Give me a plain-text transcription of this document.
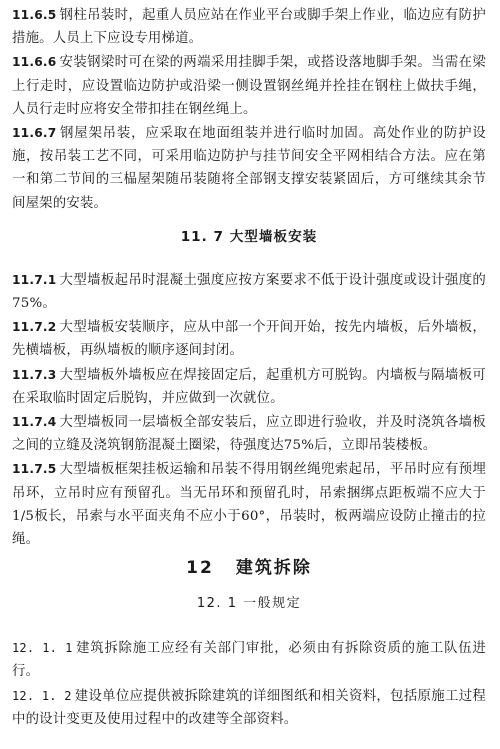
11.6.5 钢柱吊装时，起重人员应站在作业平台或脚手架上作业，临边应有防护措施。人员上下应设专用梯道。

11.6.6 安装钢梁时可在梁的两端采用挂脚手架，或搭设落地脚手架。当需在梁上行走时，应设置临边防护或沿梁一侧设置钢丝绳并拴挂在钢柱上做扶手绳，人员行走时应将安全带扣挂在钢丝绳上。

11.6.7 钢屋架吊装，应采取在地面组装并进行临时加固。高处作业的防护设施，按吊装工艺不同，可采用临边防护与挂节间安全平网相结合方法。应在第一和第二节间的三榀屋架随吊装随将全部钢支撑安装紧固后，方可继续其余节间屋架的安装。

11. 7 大型墙板安装

11.7.1 大型墙板起吊时混凝土强度应按方案要求不低于设计强度或设计强度的75%。

11.7.2 大型墙板安装顺序，应从中部一个开间开始，按先内墙板，后外墙板，先横墙板，再纵墙板的顺序逐间封闭。

11.7.3 大型墙板外墙板应在焊接固定后，起重机方可脱钩。内墙板与隔墙板可在采取临时固定后脱钩，并应做到一次就位。

11.7.4 大型墙板同一层墙板全部安装后，应立即进行验收，并及时浇筑各墙板之间的立缝及浇筑钢筋混凝土圈梁，待强度达75%后，立即吊装楼板。

11.7.5 大型墙板框架挂板运输和吊装不得用钢丝绳兜索起吊，平吊时应有预埋吊环，立吊时应有预留孔。当无吊环和预留孔时，吊索捆绑点距板端不应大于1/5板长，吊索与水平面夹角不应小于60°，吊装时，板两端应设防止撞击的拉绳。

12 建筑拆除
12. 1 一般规定

12. 1. 1 建筑拆除施工应经有关部门审批，必须由有拆除资质的施工队伍进行。

12. 1. 2 建设单位应提供被拆除建筑的详细图纸和相关资料，包括原施工过程中的设计变更及使用过程中的改建等全部资料。
